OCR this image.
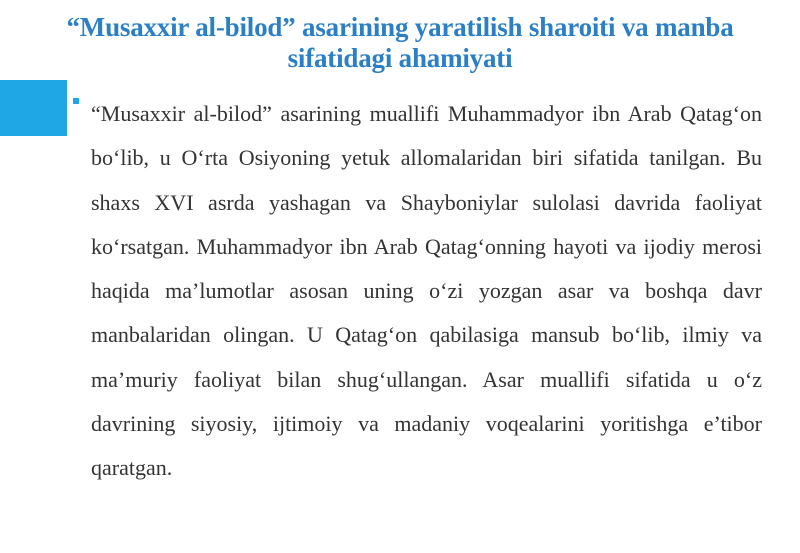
“Musaxxir al-bilod” asarining yaratilish sharoiti va manba sifatidagi ahamiyati
“Musaxxir al-bilod” asarining muallifi Muhammadyor ibn Arab Qatag‘on bo‘lib, u O‘rta Osiyoning yetuk allomalaridan biri sifatida tanilgan. Bu shaxs XVI asrda yashagan va Shayboniylar sulolasi davrida faoliyat ko‘rsatgan. Muhammadyor ibn Arab Qatag‘onning hayoti va ijodiy merosi haqida ma’lumotlar asosan uning o‘zi yozgan asar va boshqa davr manbalaridan olingan. U Qatag‘on qabilasiga mansub bo‘lib, ilmiy va ma’muriy faoliyat bilan shug‘ullangan. Asar muallifi sifatida u o‘z davrining siyosiy, ijtimoiy va madaniy voqealarini yoritishga e’tibor qaratgan.
